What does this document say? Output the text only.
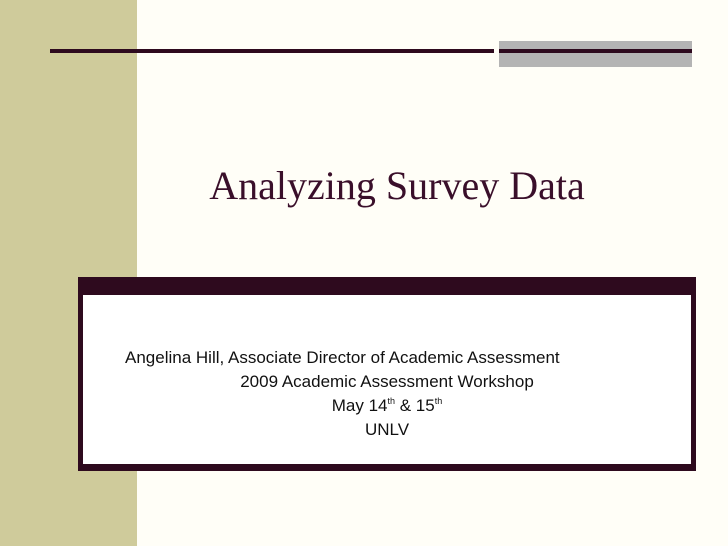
Analyzing Survey Data

Angelina Hill, Associate Director of Academic Assessment

2009 Academic Assessment Workshop

May 14th & 15th

UNLV
